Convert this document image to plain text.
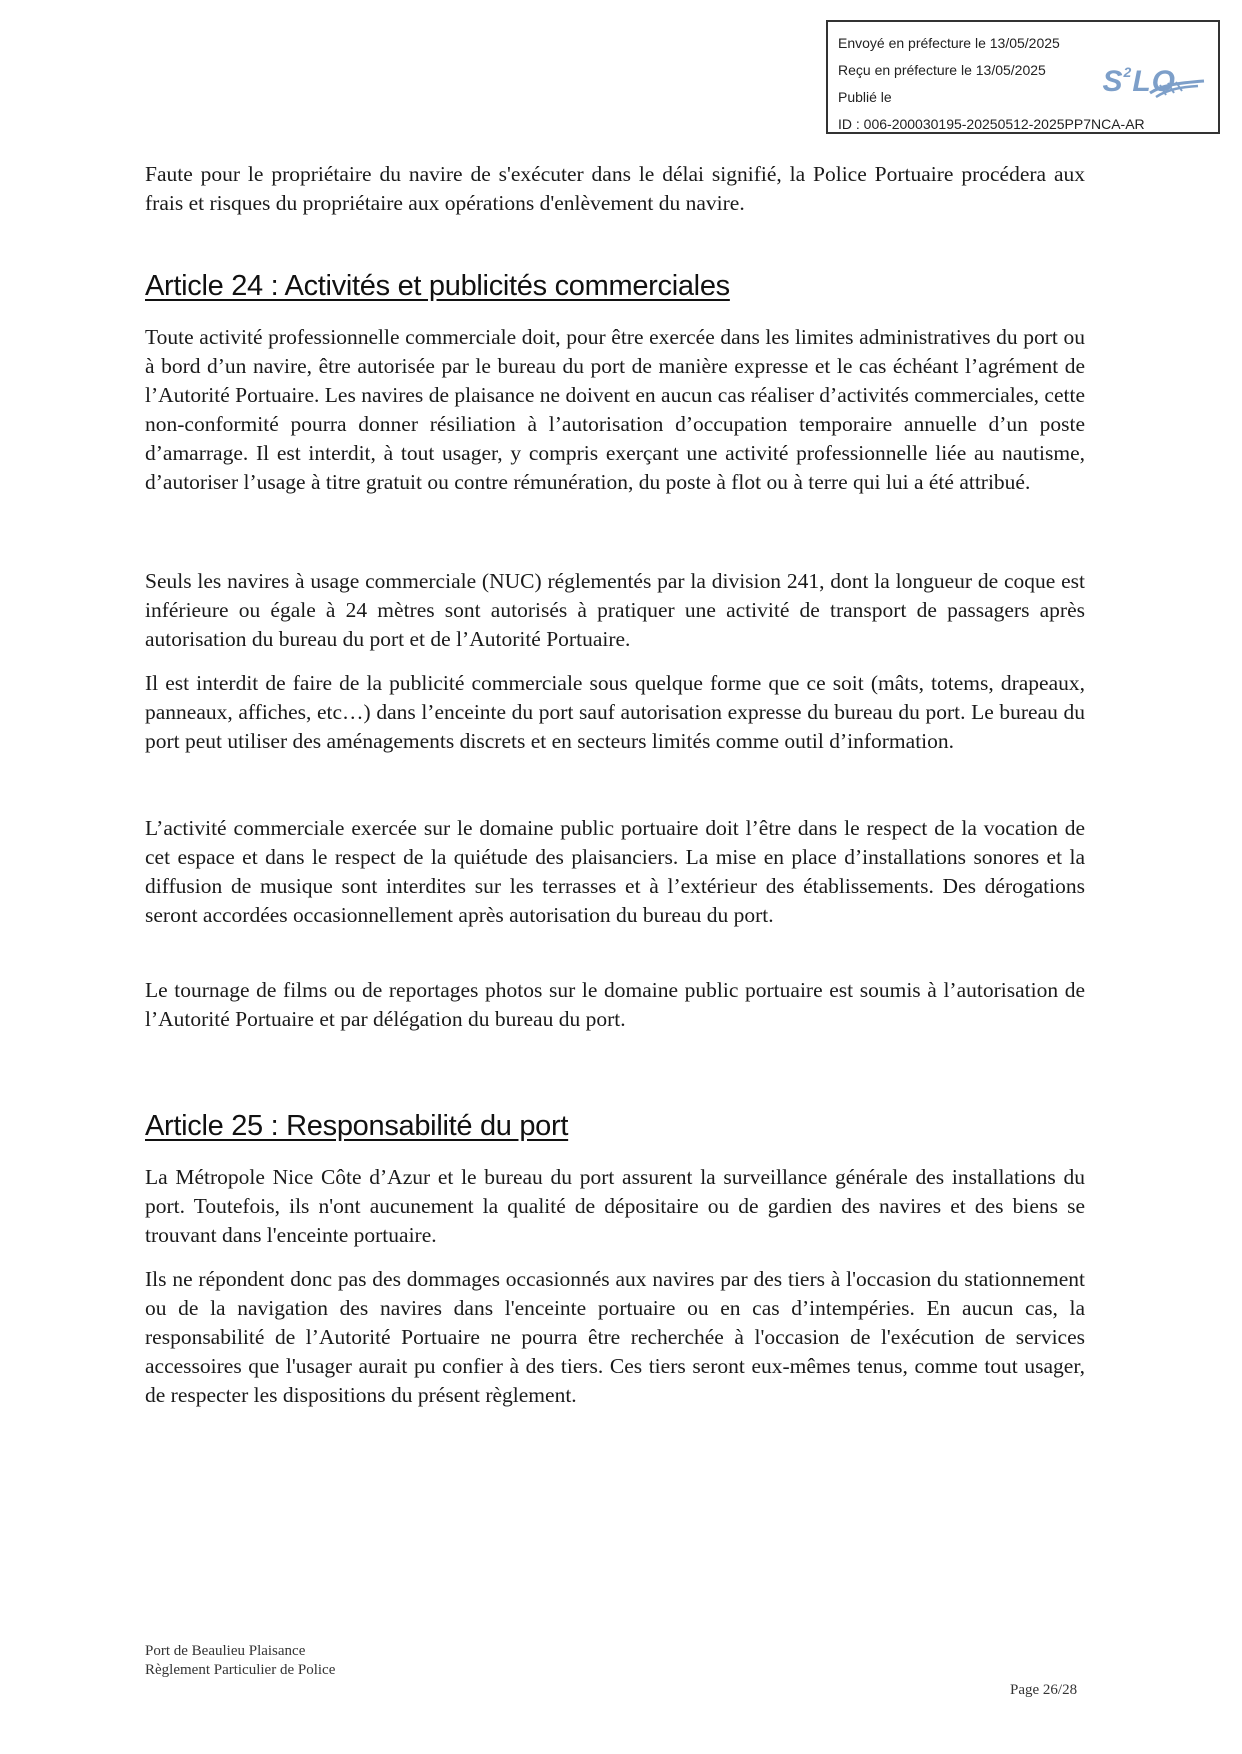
Envoyé en préfecture le 13/05/2025
Reçu en préfecture le 13/05/2025
Publié le
ID : 006-200030195-20250512-2025PP7NCA-AR
$S^2LO$

Faute pour le propriétaire du navire de s'exécuter dans le délai signifié, la Police Portuaire procédera aux frais et risques du propriétaire aux opérations d'enlèvement du navire.

Article 24 : Activités et publicités commerciales

Toute activité professionnelle commerciale doit, pour être exercée dans les limites administratives du port ou à bord d’un navire, être autorisée par le bureau du port de manière expresse et le cas échéant l’agrément de l’Autorité Portuaire. Les navires de plaisance ne doivent en aucun cas réaliser d’activités commerciales, cette non-conformité pourra donner résiliation à l’autorisation d’occupation temporaire annuelle d’un poste d’amarrage. Il est interdit, à tout usager, y compris exerçant une activité professionnelle liée au nautisme, d’autoriser l’usage à titre gratuit ou contre rémunération, du poste à flot ou à terre qui lui a été attribué.

Seuls les navires à usage commerciale (NUC) réglementés par la division 241, dont la longueur de coque est inférieure ou égale à 24 mètres sont autorisés à pratiquer une activité de transport de passagers après autorisation du bureau du port et de l’Autorité Portuaire.

Il est interdit de faire de la publicité commerciale sous quelque forme que ce soit (mâts, totems, drapeaux, panneaux, affiches, etc…) dans l’enceinte du port sauf autorisation expresse du bureau du port. Le bureau du port peut utiliser des aménagements discrets et en secteurs limités comme outil d’information.

L’activité commerciale exercée sur le domaine public portuaire doit l’être dans le respect de la vocation de cet espace et dans le respect de la quiétude des plaisanciers. La mise en place d’installations sonores et la diffusion de musique sont interdites sur les terrasses et à l’extérieur des établissements. Des dérogations seront accordées occasionnellement après autorisation du bureau du port.

Le tournage de films ou de reportages photos sur le domaine public portuaire est soumis à l’autorisation de l’Autorité Portuaire et par délégation du bureau du port.

Article 25 : Responsabilité du port

La Métropole Nice Côte d’Azur et le bureau du port assurent la surveillance générale des installations du port. Toutefois, ils n'ont aucunement la qualité de dépositaire ou de gardien des navires et des biens se trouvant dans l'enceinte portuaire.

Ils ne répondent donc pas des dommages occasionnés aux navires par des tiers à l'occasion du stationnement ou de la navigation des navires dans l'enceinte portuaire ou en cas d’intempéries. En aucun cas, la responsabilité de l’Autorité Portuaire ne pourra être recherchée à l'occasion de l'exécution de services accessoires que l'usager aurait pu confier à des tiers. Ces tiers seront eux-mêmes tenus, comme tout usager, de respecter les dispositions du présent règlement.

Port de Beaulieu Plaisance
Règlement Particulier de Police
Page 26/28
